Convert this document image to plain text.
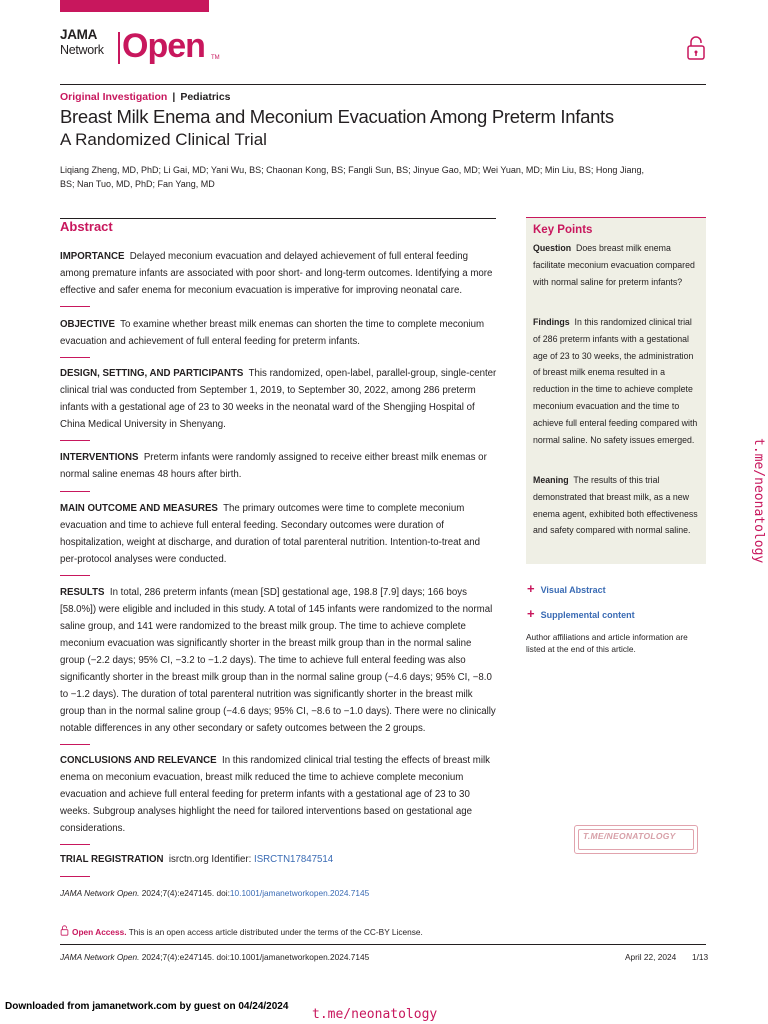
JAMA
Network Open TM
Original Investigation | Pediatrics
Breast Milk Enema and Meconium Evacuation Among Preterm Infants
A Randomized Clinical Trial
Liqiang Zheng, MD, PhD; Li Gai, MD; Yani Wu, BS; Chaonan Kong, BS; Fangli Sun, BS; Jinyue Gao, MD; Wei Yuan, MD; Min Liu, BS; Hong Jiang, BS; Nan Tuo, MD, PhD; Fan Yang, MD
Abstract
IMPORTANCE Delayed meconium evacuation and delayed achievement of full enteral feeding among premature infants are associated with poor short- and long-term outcomes. Identifying a more effective and safer enema for meconium evacuation is imperative for improving neonatal care.
OBJECTIVE To examine whether breast milk enemas can shorten the time to complete meconium evacuation and achievement of full enteral feeding for preterm infants.
DESIGN, SETTING, AND PARTICIPANTS This randomized, open-label, parallel-group, single-center clinical trial was conducted from September 1, 2019, to September 30, 2022, among 286 preterm infants with a gestational age of 23 to 30 weeks in the neonatal ward of the Shengjing Hospital of China Medical University in Shenyang.
INTERVENTIONS Preterm infants were randomly assigned to receive either breast milk enemas or normal saline enemas 48 hours after birth.
MAIN OUTCOME AND MEASURES The primary outcomes were time to complete meconium evacuation and time to achieve full enteral feeding. Secondary outcomes were duration of hospitalization, weight at discharge, and duration of total parenteral nutrition. Intention-to-treat and per-protocol analyses were conducted.
RESULTS In total, 286 preterm infants (mean [SD] gestational age, 198.8 [7.9] days; 166 boys [58.0%]) were eligible and included in this study. A total of 145 infants were randomized to the normal saline group, and 141 were randomized to the breast milk group. The time to achieve complete meconium evacuation was significantly shorter in the breast milk group than in the normal saline group (−2.2 days; 95% CI, −3.2 to −1.2 days). The time to achieve full enteral feeding was also significantly shorter in the breast milk group than in the normal saline group (−4.6 days; 95% CI, −8.0 to −1.2 days). The duration of total parenteral nutrition was significantly shorter in the breast milk group than in the normal saline group (−4.6 days; 95% CI, −8.6 to −1.0 days). There were no clinically notable differences in any other secondary or safety outcomes between the 2 groups.
CONCLUSIONS AND RELEVANCE In this randomized clinical trial testing the effects of breast milk enema on meconium evacuation, breast milk reduced the time to achieve complete meconium evacuation and achieve full enteral feeding for preterm infants with a gestational age of 23 to 30 weeks. Subgroup analyses highlight the need for tailored interventions based on gestational age considerations.
TRIAL REGISTRATION isrctn.org Identifier: ISRCTN17847514
JAMA Network Open. 2024;7(4):e247145. doi:10.1001/jamanetworkopen.2024.7145
Open Access. This is an open access article distributed under the terms of the CC-BY License.
JAMA Network Open. 2024;7(4):e247145. doi:10.1001/jamanetworkopen.2024.7145	April 22, 2024 1/13
Downloaded from jamanetwork.com by guest on 04/24/2024
Key Points
Question Does breast milk enema facilitate meconium evacuation compared with normal saline for preterm infants?
Findings In this randomized clinical trial of 286 preterm infants with a gestational age of 23 to 30 weeks, the administration of breast milk enema resulted in a reduction in the time to achieve complete meconium evacuation and the time to achieve full enteral feeding compared with normal saline. No safety issues emerged.
Meaning The results of this trial demonstrated that breast milk, as a new enema agent, exhibited both effectiveness and safety compared with normal saline.
+ Visual Abstract
+ Supplemental content
Author affiliations and article information are listed at the end of this article.
T.ME/NEONATOLOGY
t.me/neonatology
t.me/neonatology
